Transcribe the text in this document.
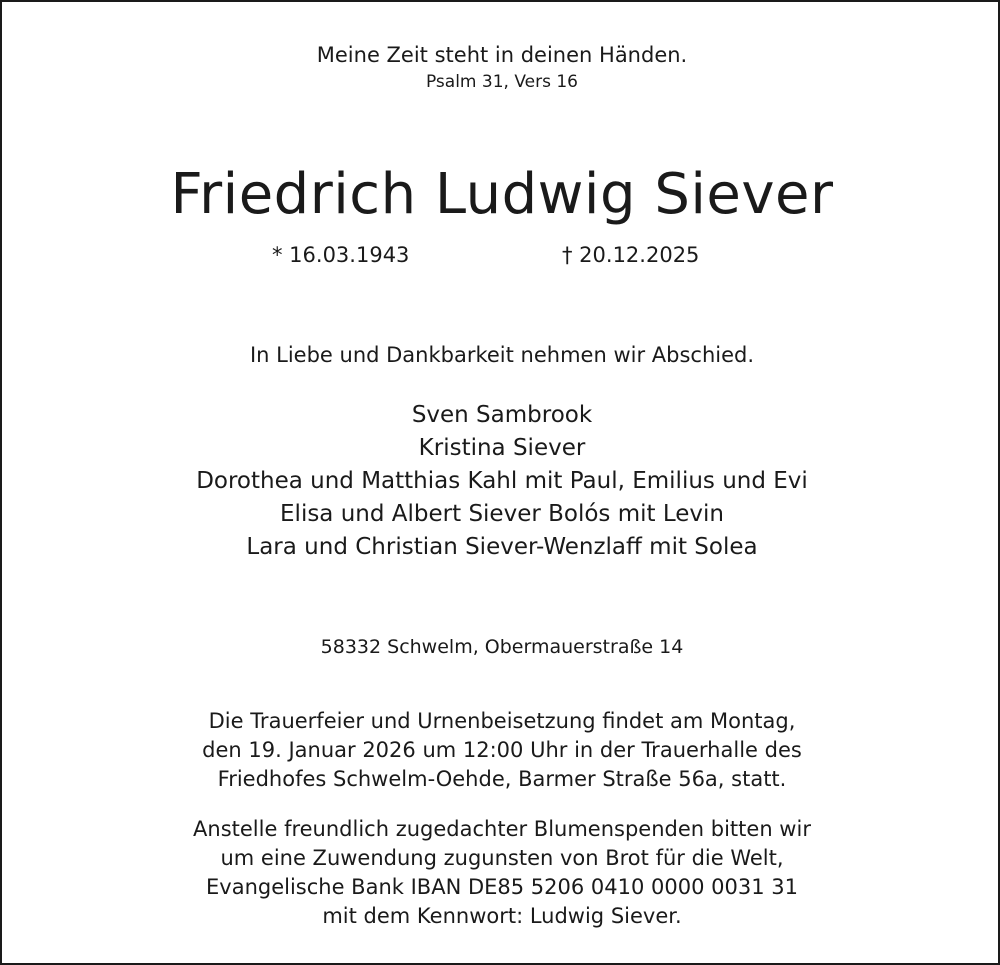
Meine Zeit steht in deinen Händen.
Psalm 31, Vers 16
Friedrich Ludwig Siever
* 16.03.1943	† 20.12.2025
In Liebe und Dankbarkeit nehmen wir Abschied.
Sven Sambrook
Kristina Siever
Dorothea und Matthias Kahl mit Paul, Emilius und Evi
Elisa und Albert Siever Bolós mit Levin
Lara und Christian Siever-Wenzlaff mit Solea
58332 Schwelm, Obermauerstraße 14
Die Trauerfeier und Urnenbeisetzung findet am Montag,
den 19. Januar 2026 um 12:00 Uhr in der Trauerhalle des
Friedhofes Schwelm-Oehde, Barmer Straße 56a, statt.
Anstelle freundlich zugedachter Blumenspenden bitten wir
um eine Zuwendung zugunsten von Brot für die Welt,
Evangelische Bank IBAN DE85 5206 0410 0000 0031 31
mit dem Kennwort: Ludwig Siever.
